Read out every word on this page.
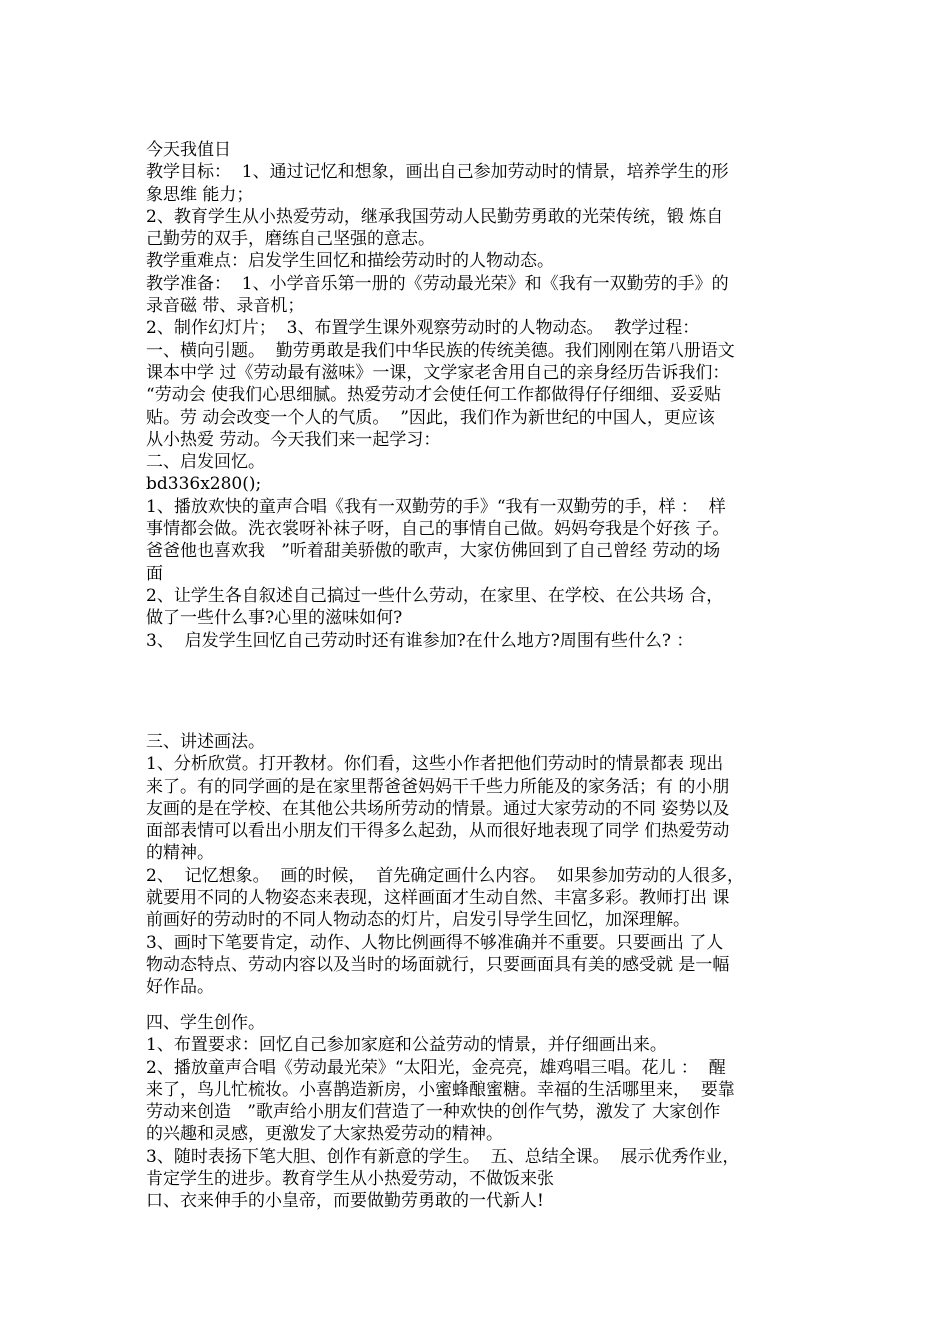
今天我值日
教学目标：  1、通过记忆和想象，画出自己参加劳动时的情景，培养学生的形
象思维 能力；
2、教育学生从小热爱劳动，继承我国劳动人民勤劳勇敢的光荣传统，锻 炼自
己勤劳的双手，磨练自己坚强的意志。
教学重难点：启发学生回忆和描绘劳动时的人物动态。
教学准备：  1、小学音乐第一册的《劳动最光荣》和《我有一双勤劳的手》的
录音磁 带、录音机；
2、制作幻灯片；  3、布置学生课外观察劳动时的人物动态。  教学过程：
一、横向引题。  勤劳勇敢是我们中华民族的传统美德。我们刚刚在第八册语文
课本中学 过《劳动最有滋味》一课，文学家老舍用自己的亲身经历告诉我们：
“劳动会 使我们心思细腻。热爱劳动才会使任何工作都做得仔仔细细、妥妥贴
贴。劳 动会改变一个人的气质。  ”因此，我们作为新世纪的中国人，更应该
从小热爱 劳动。今天我们来一起学习：
二、启发回忆。
bd336x280();
1、播放欢快的童声合唱《我有一双勤劳的手》“我有一双勤劳的手，样 ：  样
事情都会做。洗衣裳呀补袜子呀，自己的事情自己做。妈妈夸我是个好孩 子。
爸爸他也喜欢我   ”听着甜美骄傲的歌声，大家仿佛回到了自己曾经 劳动的场
面
2、让学生各自叙述自己搞过一些什么劳动，在家里、在学校、在公共场 合，
做了一些什么事?心里的滋味如何?
3、  启发学生回忆自己劳动时还有谁参加?在什么地方?周围有些什么? ：
三、讲述画法。
1、分析欣赏。打开教材。你们看，这些小作者把他们劳动时的情景都表 现出
来了。有的同学画的是在家里帮爸爸妈妈干千些力所能及的家务活；有 的小朋
友画的是在学校、在其他公共场所劳动的情景。通过大家劳动的不同 姿势以及
面部表情可以看出小朋友们干得多么起劲，从而很好地表现了同学 们热爱劳动
的精神。
2、  记忆想象。  画的时候，  首先确定画什么内容。  如果参加劳动的人很多，
就要用不同的人物姿态来表现，这样画面才生动自然、丰富多彩。教师打出 课
前画好的劳动时的不同人物动态的灯片，启发引导学生回忆，加深理解。
3、画时下笔要肯定，动作、人物比例画得不够准确并不重要。只要画出 了人
物动态特点、劳动内容以及当时的场面就行，只要画面具有美的感受就 是一幅
好作品。
四、学生创作。
1、布置要求：回忆自己参加家庭和公益劳动的情景，并仔细画出来。
2、播放童声合唱《劳动最光荣》“太阳光，金亮亮，雄鸡唱三唱。花儿 ：  醒
来了，鸟儿忙梳妆。小喜鹊造新房，小蜜蜂酿蜜糖。幸福的生活哪里来，  要靠
劳动来创造   ”歌声给小朋友们营造了一种欢快的创作气势，激发了 大家创作
的兴趣和灵感，更激发了大家热爱劳动的精神。
3、随时表扬下笔大胆、创作有新意的学生。  五、总结全课。  展示优秀作业，
肯定学生的进步。教育学生从小热爱劳动，不做饭来张
口、衣来伸手的小皇帝，而要做勤劳勇敢的一代新人!
